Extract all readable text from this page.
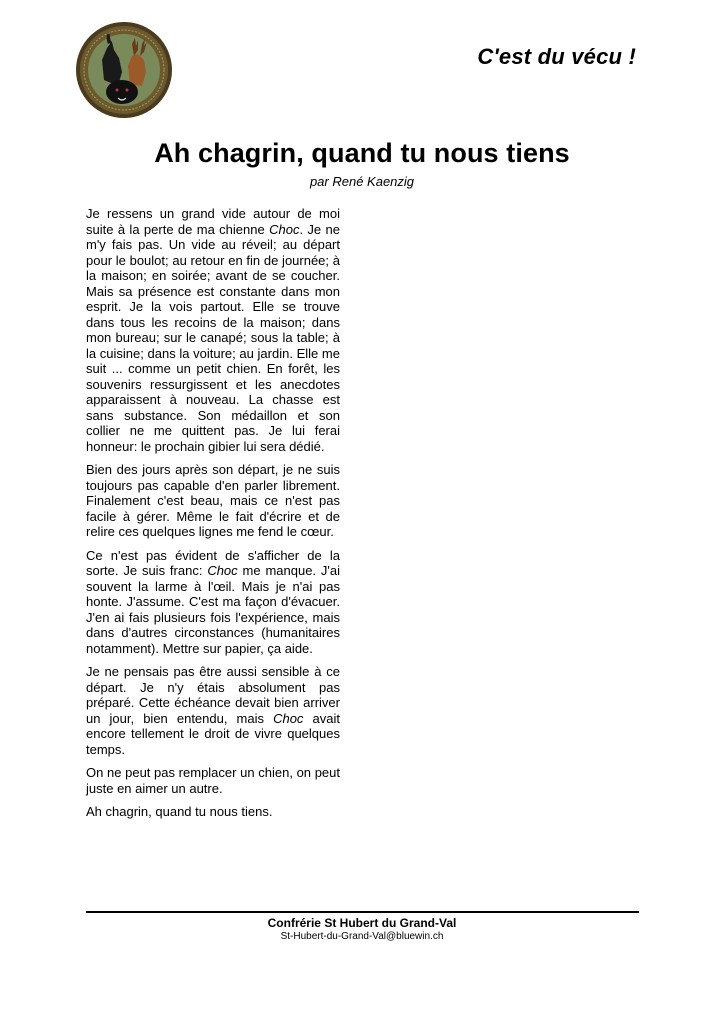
C'est du vécu !
Ah chagrin, quand tu nous tiens
par René Kaenzig

Je ressens un grand vide autour de moi suite à la perte de ma chienne Choc. Je ne m'y fais pas. Un vide au réveil; au départ pour le boulot; au retour en fin de journée; à la maison; en soirée; avant de se coucher. Mais sa présence est constante dans mon esprit. Je la vois partout. Elle se trouve dans tous les recoins de la maison; dans mon bureau; sur le canapé; sous la table; à la cuisine; dans la voiture; au jardin. Elle me suit ... comme un petit chien. En forêt, les souvenirs ressurgissent et les anecdotes apparaissent à nouveau. La chasse est sans substance. Son médaillon et son collier ne me quittent pas. Je lui ferai honneur: le prochain gibier lui sera dédié.

Bien des jours après son départ, je ne suis toujours pas capable d'en parler librement. Finalement c'est beau, mais ce n'est pas facile à gérer. Même le fait d'écrire et de relire ces quelques lignes me fend le cœur.

Ce n'est pas évident de s'afficher de la sorte. Je suis franc: Choc me manque. J'ai souvent la larme à l'œil. Mais je n'ai pas honte. J'assume. C'est ma façon d'évacuer. J'en ai fais plusieurs fois l'expérience, mais dans d'autres circonstances (humanitaires notamment). Mettre sur papier, ça aide.

Je ne pensais pas être aussi sensible à ce départ. Je n'y étais absolument pas préparé. Cette échéance devait bien arriver un jour, bien entendu, mais Choc avait encore tellement le droit de vivre quelques temps.

On ne peut pas remplacer un chien, on peut juste en aimer un autre.

Ah chagrin, quand tu nous tiens.

Confrérie St Hubert du Grand-Val
St-Hubert-du-Grand-Val@bluewin.ch
